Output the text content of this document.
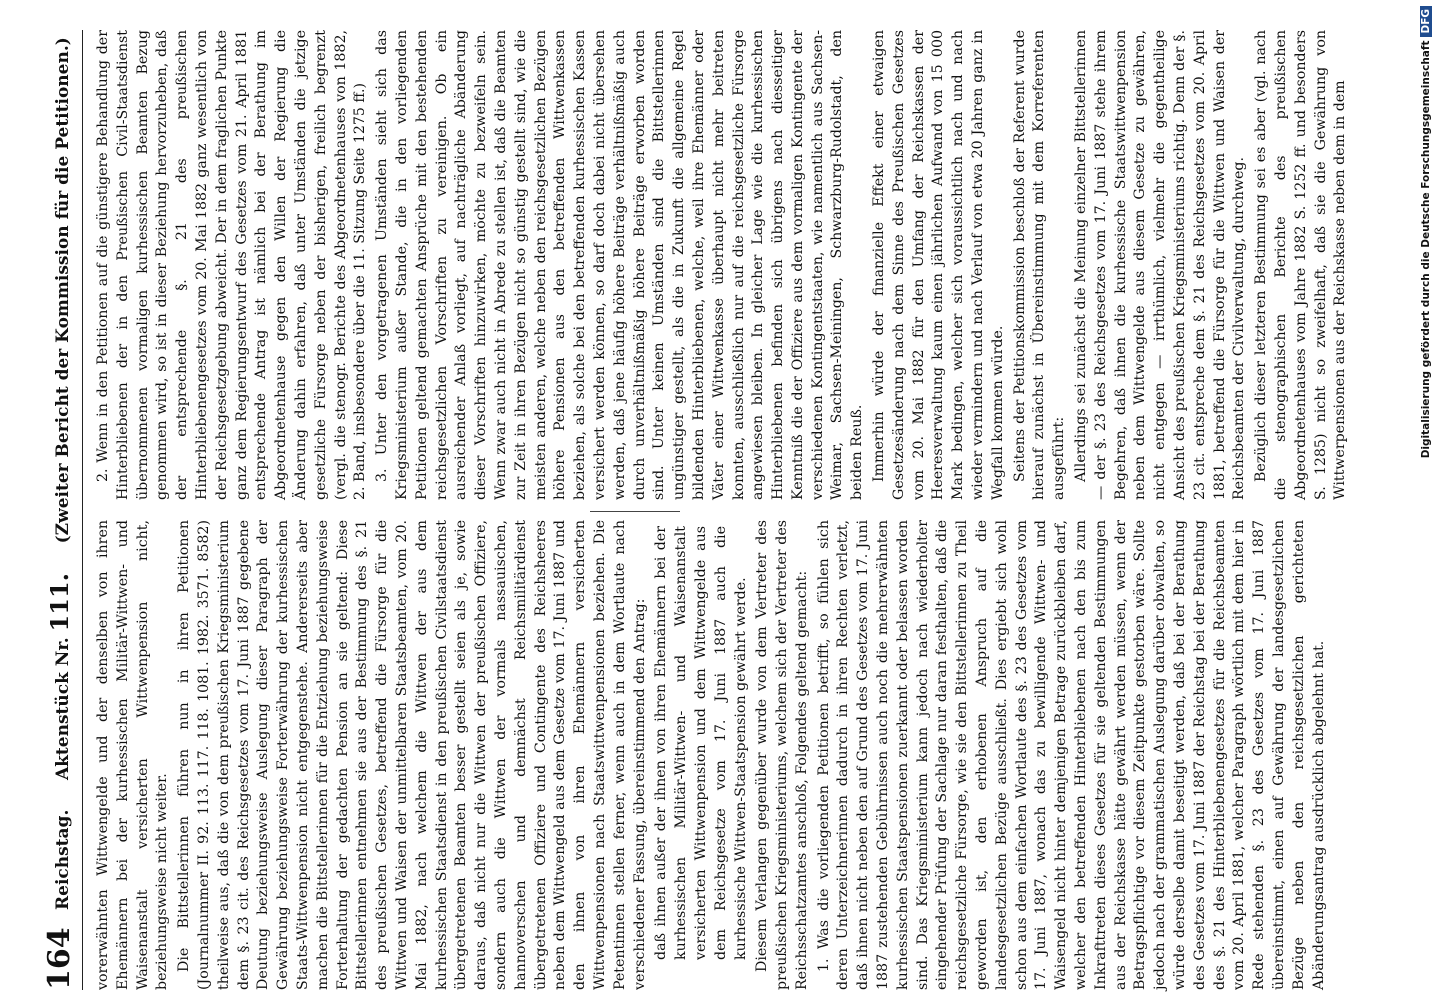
164
Reichstag.     Aktenstück Nr. 111.     (Zweiter Bericht der Kommission für die Petitionen.)

vorerwähnten Wittwengelde und der denselben von ihren Ehemännern bei der kurhessischen Militär-Wittwen- und Waisenanstalt versicherten Wittwenpension nicht, beziehungsweise nicht weiter. Die Bittstellerinnen führen nun in ihren Petitionen (Journalnummer II. 92. 113. 117. 118. 1081. 1982. 3571. 8582) theilweise aus, daß die von dem preußischen Kriegsministerium dem §. 23 cit. des Reichsgesetzes vom 17. Juni 1887 gegebene Deutung beziehungsweise Auslegung dieser Paragraph der Gewährung beziehungsweise Forterwährung der kurhessischen Staats-Wittwenpension nicht entgegenstehe. Andererseits aber machen die Bittstellerinnen für die Entziehung beziehungsweise Forterhaltung der gedachten Pension an sie geltend: Diese Bittstellerinnen entnehmen sie aus der Bestimmung des §. 21 des preußischen Gesetzes, betreffend die Fürsorge für die Wittwen und Waisen der unmittelbaren Staatsbeamten, vom 20. Mai 1882, nach welchem die Wittwen der aus dem kurhessischen Staatsdienst in den preußischen Civilstaatsdienst übergetretenen Beamten besser gestellt seien als je, sowie daraus, daß nicht nur die Wittwen der preußischen Offiziere, sondern auch die Wittwen der vormals nassauischen, hannoverschen und demnächst Reichsmilitärdienst übergetretenen Offiziere und Contingente des Reichsheeres neben dem Wittwengeld aus dem Gesetze vom 17. Juni 1887 und den ihnen von ihren Ehemännern versicherten Wittwenpensionen nach Staatswittwenpensionen beziehen. Die Petentinnen stellen ferner, wenn auch in dem Wortlaute nach verschiedener Fassung, übereinstimmend den Antrag: daß ihnen außer der ihnen von ihren Ehemännern bei der kurhessischen Militär-Wittwen- und Waisenanstalt versicherten Wittwenpension und dem Wittwengelde aus dem Reichsgesetze vom 17. Juni 1887 auch die kurhessische Wittwen-Staatspension gewährt werde. Diesem Verlangen gegenüber wurde von dem Vertreter des preußischen Kriegsministeriums, welchem sich der Vertreter des Reichsschatzamtes anschloß, Folgendes geltend gemacht: 1. Was die vorliegenden Petitionen betrifft, so fühlen sich deren Unterzeichnerinnen dadurch in ihren Rechten verletzt, daß ihnen nicht neben den auf Grund des Gesetzes vom 17. Juni 1887 zustehenden Gebührnissen auch noch die mehrerwähnten kurhessischen Staatspensionen zuerkannt oder belassen worden sind. Das Kriegsministerium kann jedoch nach wiederholter eingehender Prüfung der Sachlage nur daran festhalten, daß die reichsgesetzliche Fürsorge, wie sie den Bittstellerinnen zu Theil geworden ist, den erhobenen Anspruch auf die landesgesetzlichen Bezüge ausschließt. Dies ergiebt sich wohl schon aus dem einfachen Wortlaute des §. 23 des Gesetzes vom 17. Juni 1887, wonach das zu bewilligende Wittwen- und Waisengeld nicht hinter demjenigen Betrage zurückbleiben darf, welcher den betreffenden Hinterbliebenen nach den bis zum Inkrafttreten dieses Gesetzes für sie geltenden Bestimmungen aus der Reichskasse hätte gewährt werden müssen, wenn der Betragspflichtige vor diesem Zeitpunkte gestorben wäre. Sollte jedoch nach der grammatischen Auslegung darüber obwalten, so würde derselbe damit beseitigt werden, daß bei der Berathung des Gesetzes vom 17. Juni 1887 der Reichstag bei der Berathung des §. 21 des Hinterbliebenengesetzes für die Reichsbeamten vom 20. April 1881, welcher Paragraph wörtlich mit dem hier in Rede stehenden §. 23 des Gesetzes vom 17. Juni 1887 übereinstimmt, einen auf Gewährung der landesgesetzlichen Bezüge neben den reichsgesetzlichen gerichteten Abänderungsantrag ausdrücklich abgelehnt hat.

2. Wenn in den Petitionen auf die günstigere Behandlung der Hinterbliebenen der in den Preußischen Civil-Staatsdienst übernommenen vormaligen kurhessischen Beamten Bezug genommen wird, so ist in dieser Beziehung hervorzuheben, daß der entsprechende §. 21 des preußischen Hinterbliebenengesetzes vom 20. Mai 1882 ganz wesentlich von der Reichsgesetzgebung abweicht. Der in dem fraglichen Punkte ganz dem Regierungsentwurf des Gesetzes vom 21. April 1881 entsprechende Antrag ist nämlich bei der Berathung im Abgeordnetenhause gegen den Willen der Regierung die Änderung dahin erfahren, daß unter Umständen die jetzige gesetzliche Fürsorge neben der bisherigen, freilich begrenzt (vergl. die stenogr. Berichte des Abgeordnetenhauses von 1882, 2. Band, insbesondere über die 11. Sitzung Seite 1275 ff.) 3. Unter den vorgetragenen Umständen sieht sich das Kriegsministerium außer Stande, die in den vorliegenden Petitionen geltend gemachten Ansprüche mit den bestehenden reichsgesetzlichen Vorschriften zu vereinigen. Ob ein ausreichender Anlaß vorliegt, auf nachträgliche Abänderung dieser Vorschriften hinzuwirken, möchte zu bezweifeln sein. Wenn zwar auch nicht in Abrede zu stellen ist, daß die Beamten zur Zeit in ihren Bezügen nicht so günstig gestellt sind, wie die meisten anderen, welche neben den reichsgesetzlichen Bezügen höhere Pensionen aus den betreffenden Wittwenkassen beziehen, als solche bei den betreffenden kurhessischen Kassen versichert werden können, so darf doch dabei nicht übersehen werden, daß jene häufig höhere Beiträge verhältnißmäßig auch durch unverhältnißmäßig höhere Beiträge erworben worden sind. Unter keinen Umständen sind die Bittstellerinnen ungünstiger gestellt, als die in Zukunft die allgemeine Regel bildenden Hinterbliebenen, welche, weil ihre Ehemänner oder Väter einer Wittwenkasse überhaupt nicht mehr beitreten konnten, ausschließlich nur auf die reichsgesetzliche Fürsorge angewiesen bleiben. In gleicher Lage wie die kurhessischen Hinterbliebenen befinden sich übrigens nach diesseitiger Kenntniß die der Offiziere aus dem vormaligen Kontingente der verschiedenen Kontingentstaaten, wie namentlich aus Sachsen-Weimar, Sachsen-Meiningen, Schwarzburg-Rudolstadt, den beiden Reuß. Immerhin würde der finanzielle Effekt einer etwaigen Gesetzesänderung nach dem Sinne des Preußischen Gesetzes vom 20. Mai 1882 für den Umfang der Reichskassen der Heeresverwaltung kaum einen jährlichen Aufwand von 15 000 Mark bedingen, welcher sich voraussichtlich nach und nach wieder vermindern und nach Verlauf von etwa 20 Jahren ganz in Wegfall kommen würde. Seitens der Petitionskommission beschloß der Referent wurde hierauf zunächst in Übereinstimmung mit dem Korreferenten ausgeführt: Allerdings sei zunächst die Meinung einzelner Bittstellerinnen — der §. 23 des Reichsgesetzes vom 17. Juni 1887 stehe ihrem Begehren, daß ihnen die kurhessische Staatswittwenpension neben dem Wittwengelde aus diesem Gesetze zu gewähren, nicht entgegen — irrthümlich, vielmehr die gegentheilige Ansicht des preußischen Kriegsministeriums richtig. Denn der §. 23 cit. entspreche dem §. 21 des Reichsgesetzes vom 20. April 1881, betreffend die Fürsorge für die Wittwen und Waisen der Reichsbeamten der Civilverwaltung, durchweg. Bezüglich dieser letzteren Bestimmung sei es aber (vgl. nach die stenographischen Berichte des preußischen Abgeordnetenhauses vom Jahre 1882 S. 1252 ff. und besonders S. 1285) nicht so zweifelhaft, daß sie die Gewährung von Wittwerpensionen aus der Reichskasse neben dem in dem	Digitalisierung gefördert durch die Deutsche ForschungsgemeinschaftDFG
